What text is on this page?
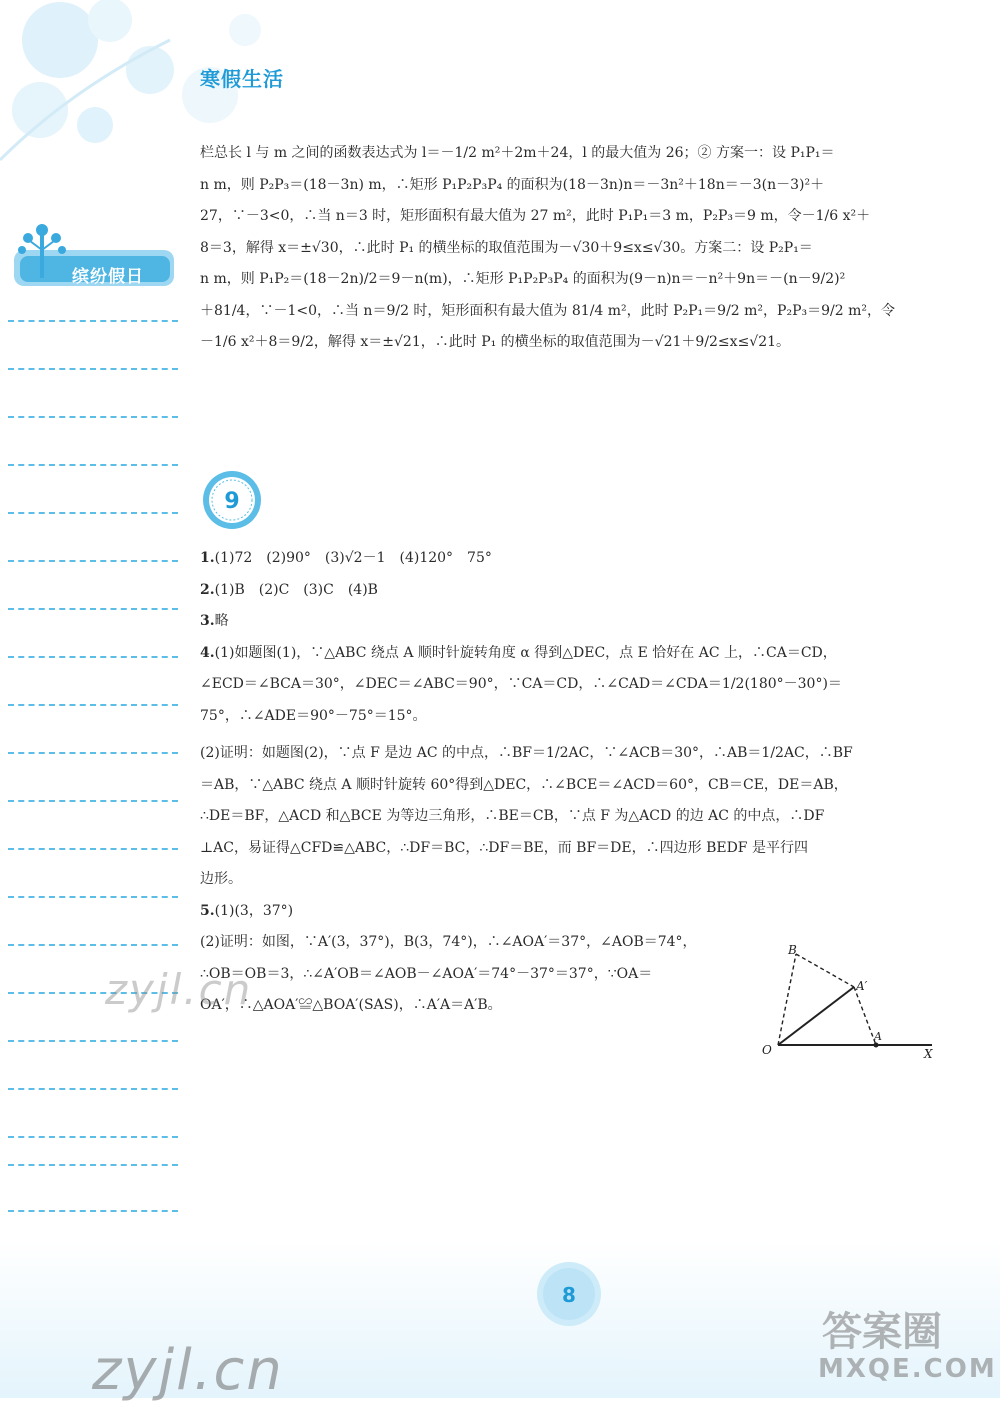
寒假生活
缤纷假日

栏总长 l 与 m 之间的函数表达式为 l＝－1/2 m²＋2m＋24，l 的最大值为 26；② 方案一：设 P₁P₁＝

n m，则 P₂P₃＝(18－3n) m，∴矩形 P₁P₂P₃P₄ 的面积为(18－3n)n＝－3n²＋18n＝－3(n－3)²＋

27，∵－3<0，∴当 n＝3 时，矩形面积有最大值为 27 m²，此时 P₁P₁＝3 m，P₂P₃＝9 m，令－1/6 x²＋

8＝3，解得 x＝±√30，∴此时 P₁ 的横坐标的取值范围为－√30＋9≤x≤√30。方案二：设 P₂P₁＝

n m，则 P₁P₂＝(18－2n)/2＝9－n(m)，∴矩形 P₁P₂P₃P₄ 的面积为(9－n)n＝－n²＋9n＝－(n－9/2)²

＋81/4，∵－1<0，∴当 n＝9/2 时，矩形面积有最大值为 81/4 m²，此时 P₂P₁＝9/2 m²，P₂P₃＝9/2 m²，令

－1/6 x²＋8＝9/2，解得 x＝±√21，∴此时 P₁ 的横坐标的取值范围为－√21＋9/2≤x≤√21。

9

1.(1)72　(2)90°　(3)√2－1　(4)120°　75°

2.(1)B　(2)C　(3)C　(4)B

3.略

4.(1)如题图(1)，∵△ABC 绕点 A 顺时针旋转角度 α 得到△DEC，点 E 恰好在 AC 上，∴CA＝CD，

∠ECD＝∠BCA＝30°，∠DEC＝∠ABC＝90°，∵CA＝CD，∴∠CAD＝∠CDA＝1/2(180°－30°)＝

75°，∴∠ADE＝90°－75°＝15°。

(2)证明：如题图(2)，∵点 F 是边 AC 的中点，∴BF＝1/2AC，∵∠ACB＝30°，∴AB＝1/2AC，∴BF

＝AB，∵△ABC 绕点 A 顺时针旋转 60°得到△DEC，∴∠BCE＝∠ACD＝60°，CB＝CE，DE＝AB，

∴DE＝BF，△ACD 和△BCE 为等边三角形，∴BE＝CB，∵点 F 为△ACD 的边 AC 的中点，∴DF

⊥AC，易证得△CFD≌△ABC，∴DF＝BC，∴DF＝BE，而 BF＝DE，∴四边形 BEDF 是平行四

边形。

5.(1)(3，37°)

(2)证明：如图，∵A′(3，37°)，B(3，74°)，∴∠AOA′＝37°，∠AOB＝74°，

∴OB＝OB＝3，∴∠A′OB＝∠AOB－∠AOA′＝74°－37°＝37°，∵OA＝

OA′，∴△AOA′≌△BOA′(SAS)，∴A′A＝A′B。

B
A′
A
O	X
zyjl.cn
8
zyjl.cn
答案圈
MXQE.COM
